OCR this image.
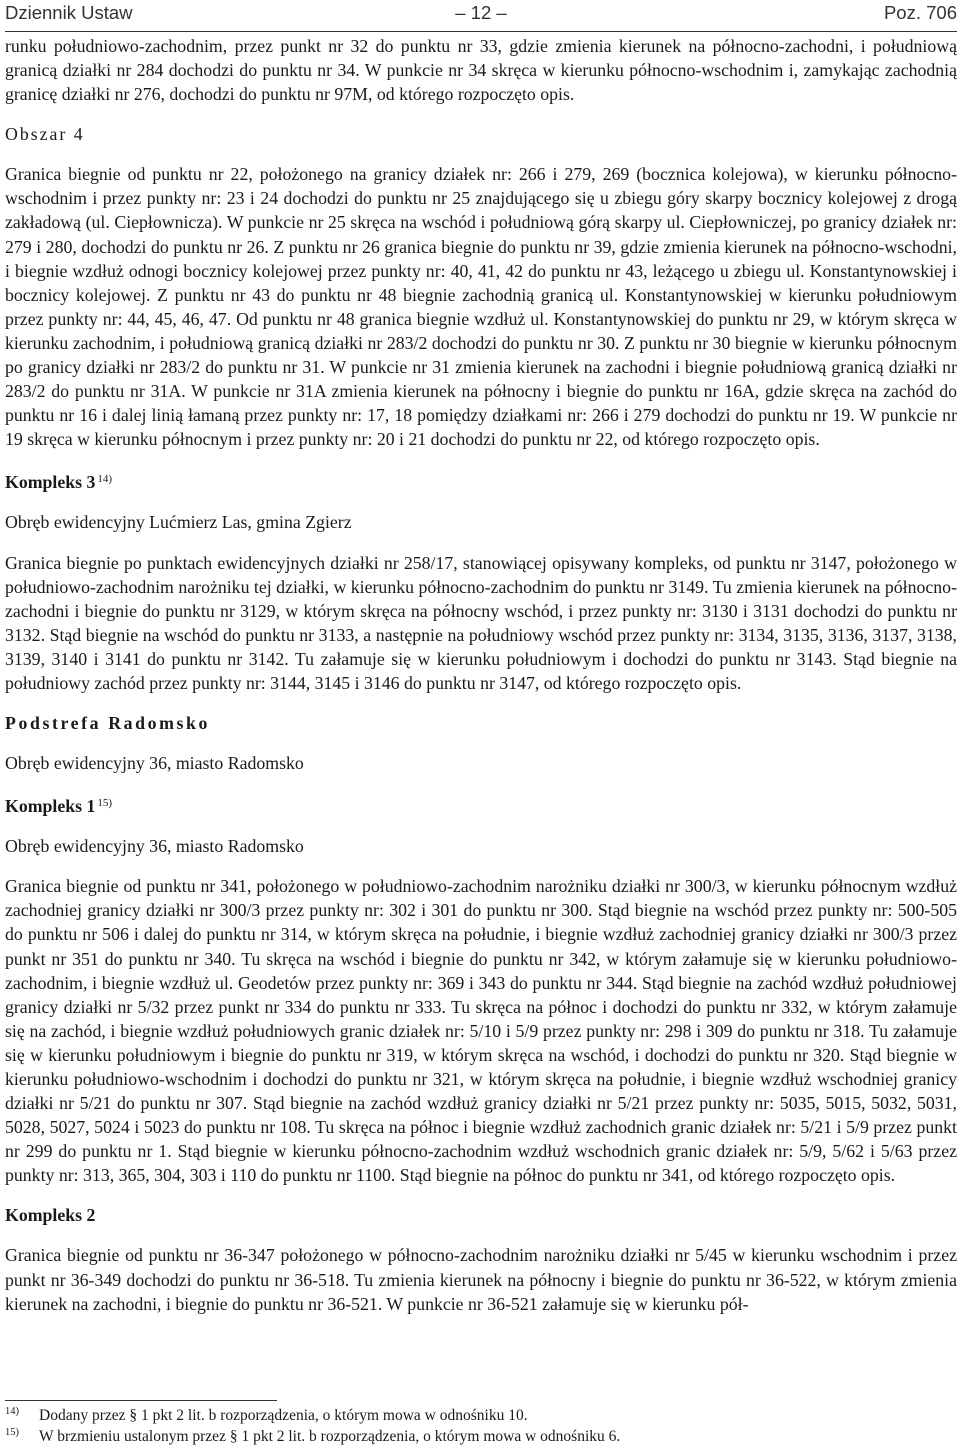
Dziennik Ustaw	– 12 –	Poz. 706

runku południowo-zachodnim, przez punkt nr 32 do punktu nr 33, gdzie zmienia kierunek na północno-zachodni, i południową granicą działki nr 284 dochodzi do punktu nr 34. W punkcie nr 34 skręca w kierunku północno-wschodnim i, zamykając zachodnią granicę działki nr 276, dochodzi do punktu nr 97M, od którego rozpoczęto opis.

Obszar 4

Granica biegnie od punktu nr 22, położonego na granicy działek nr: 266 i 279, 269 (bocznica kolejowa), w kierunku północno-wschodnim i przez punkty nr: 23 i 24 dochodzi do punktu nr 25 znajdującego się u zbiegu góry skarpy bocznicy kolejowej z drogą zakładową (ul. Ciepłownicza). W punkcie nr 25 skręca na wschód i południową górą skarpy ul. Ciepłowniczej, po granicy działek nr: 279 i 280, dochodzi do punktu nr 26. Z punktu nr 26 granica biegnie do punktu nr 39, gdzie zmienia kierunek na północno-wschodni, i biegnie wzdłuż odnogi bocznicy kolejowej przez punkty nr: 40, 41, 42 do punktu nr 43, leżącego u zbiegu ul. Konstantynowskiej i bocznicy kolejowej. Z punktu nr 43 do punktu nr 48 biegnie zachodnią granicą ul. Konstantynowskiej w kierunku południowym przez punkty nr: 44, 45, 46, 47. Od punktu nr 48 granica biegnie wzdłuż ul. Konstantynowskiej do punktu nr 29, w którym skręca w kierunku zachodnim, i południową granicą działki nr 283/2 dochodzi do punktu nr 30. Z punktu nr 30 biegnie w kierunku północnym po granicy działki nr 283/2 do punktu nr 31. W punkcie nr 31 zmienia kierunek na zachodni i biegnie południową granicą działki nr 283/2 do punktu nr 31A. W punkcie nr 31A zmienia kierunek na północny i biegnie do punktu nr 16A, gdzie skręca na zachód do punktu nr 16 i dalej linią łamaną przez punkty nr: 17, 18 pomiędzy działkami nr: 266 i 279 dochodzi do punktu nr 19. W punkcie nr 19 skręca w kierunku północnym i przez punkty nr: 20 i 21 dochodzi do punktu nr 22, od którego rozpoczęto opis.

Kompleks 3 $^{14)}$

Obręb ewidencyjny Lućmierz Las, gmina Zgierz

Granica biegnie po punktach ewidencyjnych działki nr 258/17, stanowiącej opisywany kompleks, od punktu nr 3147, położonego w południowo-zachodnim narożniku tej działki, w kierunku północno-zachodnim do punktu nr 3149. Tu zmienia kierunek na północno-zachodni i biegnie do punktu nr 3129, w którym skręca na północny wschód, i przez punkty nr: 3130 i 3131 dochodzi do punktu nr 3132. Stąd biegnie na wschód do punktu nr 3133, a następnie na południowy wschód przez punkty nr: 3134, 3135, 3136, 3137, 3138, 3139, 3140 i 3141 do punktu nr 3142. Tu załamuje się w kierunku południowym i dochodzi do punktu nr 3143. Stąd biegnie na południowy zachód przez punkty nr: 3144, 3145 i 3146 do punktu nr 3147, od którego rozpoczęto opis.

Podstrefa Radomsko

Obręb ewidencyjny 36, miasto Radomsko

Kompleks 1 $^{15)}$

Obręb ewidencyjny 36, miasto Radomsko

Granica biegnie od punktu nr 341, położonego w południowo-zachodnim narożniku działki nr 300/3, w kierunku północnym wzdłuż zachodniej granicy działki nr 300/3 przez punkty nr: 302 i 301 do punktu nr 300. Stąd biegnie na wschód przez punkty nr: 500-505 do punktu nr 506 i dalej do punktu nr 314, w którym skręca na południe, i biegnie wzdłuż zachodniej granicy działki nr 300/3 przez punkt nr 351 do punktu nr 340. Tu skręca na wschód i biegnie do punktu nr 342, w którym załamuje się w kierunku południowo-zachodnim, i biegnie wzdłuż ul. Geodetów przez punkty nr: 369 i 343 do punktu nr 344. Stąd biegnie na zachód wzdłuż południowej granicy działki nr 5/32 przez punkt nr 334 do punktu nr 333. Tu skręca na północ i dochodzi do punktu nr 332, w którym załamuje się na zachód, i biegnie wzdłuż południowych granic działek nr: 5/10 i 5/9 przez punkty nr: 298 i 309 do punktu nr 318. Tu załamuje się w kierunku południowym i biegnie do punktu nr 319, w którym skręca na wschód, i dochodzi do punktu nr 320. Stąd biegnie w kierunku południowo-wschodnim i dochodzi do punktu nr 321, w którym skręca na południe, i biegnie wzdłuż wschodniej granicy działki nr 5/21 do punktu nr 307. Stąd biegnie na zachód wzdłuż granicy działki nr 5/21 przez punkty nr: 5035, 5015, 5032, 5031, 5028, 5027, 5024 i 5023 do punktu nr 108. Tu skręca na północ i biegnie wzdłuż zachodnich granic działek nr: 5/21 i 5/9 przez punkt nr 299 do punktu nr 1. Stąd biegnie w kierunku północno-zachodnim wzdłuż wschodnich granic działek nr: 5/9, 5/62 i 5/63 przez punkty nr: 313, 365, 304, 303 i 110 do punktu nr 1100. Stąd biegnie na północ do punktu nr 341, od którego rozpoczęto opis.

Kompleks 2

Granica biegnie od punktu nr 36-347 położonego w północno-zachodnim narożniku działki nr 5/45 w kierunku wschodnim i przez punkt nr 36-349 dochodzi do punktu nr 36-518. Tu zmienia kierunek na północny i biegnie do punktu nr 36-522, w którym zmienia kierunek na zachodni, i biegnie do punktu nr 36-521. W punkcie nr 36-521 załamuje się w kierunku pół-

14)	Dodany przez § 1 pkt 2 lit. b rozporządzenia, o którym mowa w odnośniku 10.
15)	W brzmieniu ustalonym przez § 1 pkt 2 lit. b rozporządzenia, o którym mowa w odnośniku 6.
